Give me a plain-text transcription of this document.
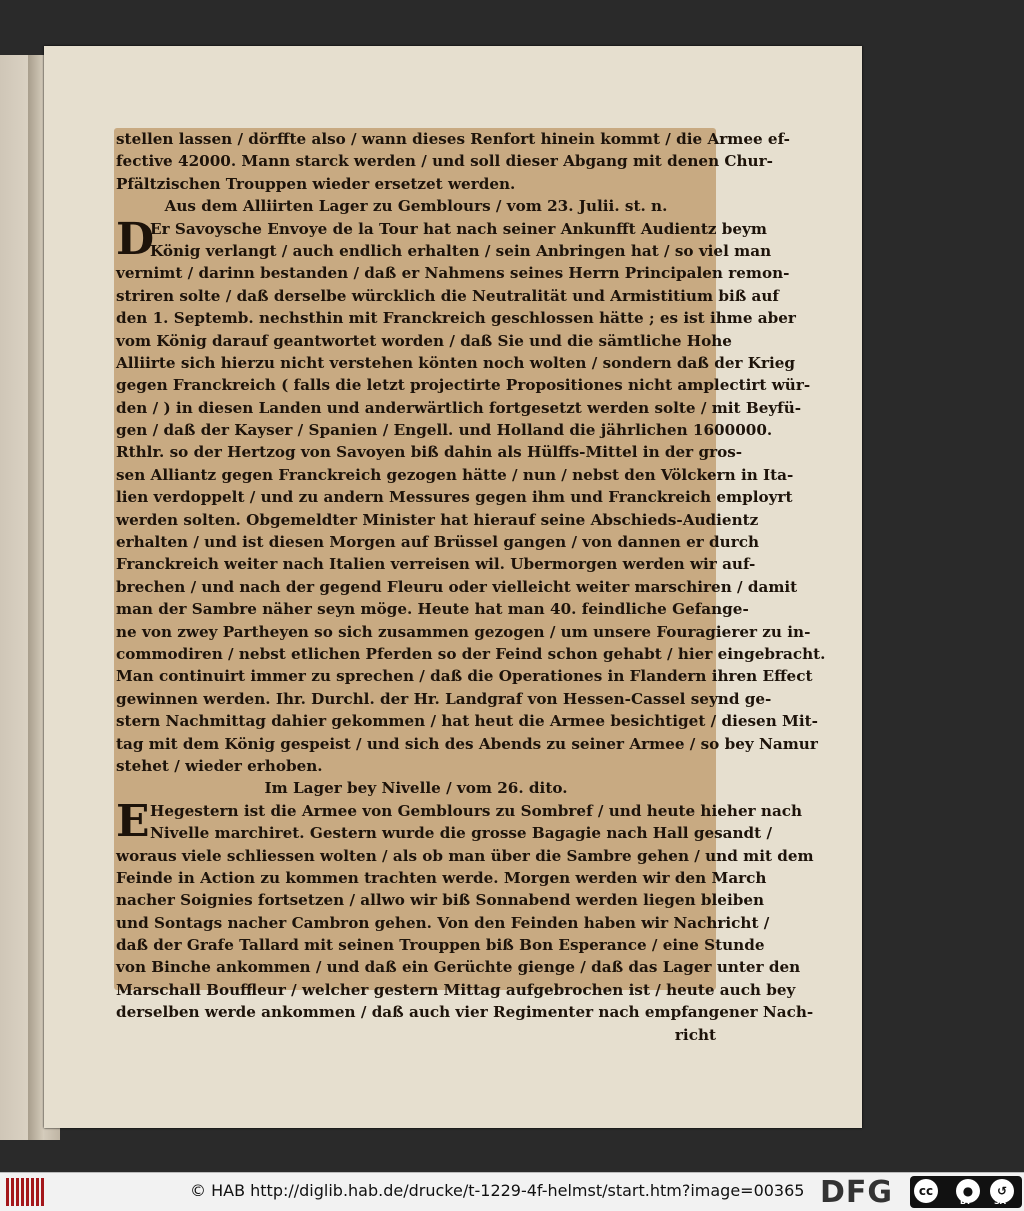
stellen lassen / dörffte also / wann dieses Renfort hinein kommt / die Armee ef-
fective 42000. Mann starck werden / und soll dieser Abgang mit denen Chur-
Pfältzischen Trouppen wieder ersetzet werden.
Aus dem Alliirten Lager zu Gemblours / vom 23. Julii. st. n.
D
Er Savoysche Envoye de la Tour hat nach seiner Ankunfft Audientz beym
König verlangt / auch endlich erhalten / sein Anbringen hat / so viel man
vernimt / darinn bestanden / daß er Nahmens seines Herrn Principalen remon-
striren solte / daß derselbe würcklich die Neutralität und Armistitium biß auf
den 1. Septemb. nechsthin mit Franckreich geschlossen hätte ; es ist ihme aber
vom König darauf geantwortet worden / daß Sie und die sämtliche Hohe
Alliirte sich hierzu nicht verstehen könten noch wolten / sondern daß der Krieg
gegen Franckreich ( falls die letzt projectirte Propositiones nicht amplectirt wür-
den / ) in diesen Landen und anderwärtlich fortgesetzt werden solte / mit Beyfü-
gen / daß der Kayser / Spanien / Engell. und Holland die jährlichen 1600000.
Rthlr. so der Hertzog von Savoyen biß dahin als Hülffs-Mittel in der gros-
sen Alliantz gegen Franckreich gezogen hätte / nun / nebst den Völckern in Ita-
lien verdoppelt / und zu andern Messures gegen ihm und Franckreich employrt
werden solten. Obgemeldter Minister hat hierauf seine Abschieds-Audientz
erhalten / und ist diesen Morgen auf Brüssel gangen / von dannen er durch
Franckreich weiter nach Italien verreisen wil. Ubermorgen werden wir auf-
brechen / und nach der gegend Fleuru oder vielleicht weiter marschiren / damit
man der Sambre näher seyn möge. Heute hat man 40. feindliche Gefange-
ne von zwey Partheyen so sich zusammen gezogen / um unsere Fouragierer zu in-
commodiren / nebst etlichen Pferden so der Feind schon gehabt / hier eingebracht.
Man continuirt immer zu sprechen / daß die Operationes in Flandern ihren Effect
gewinnen werden. Ihr. Durchl. der Hr. Landgraf von Hessen-Cassel seynd ge-
stern Nachmittag dahier gekommen / hat heut die Armee besichtiget / diesen Mit-
tag mit dem König gespeist / und sich des Abends zu seiner Armee / so bey Namur
stehet / wieder erhoben.
Im Lager bey Nivelle / vom 26. dito.
E Hegestern ist die Armee von Gemblours zu Sombref / und heute hieher nach
Nivelle marchiret. Gestern wurde die grosse Bagagie nach Hall gesandt /
woraus viele schliessen wolten / als ob man über die Sambre gehen / und mit dem
Feinde in Action zu kommen trachten werde. Morgen werden wir den March
nacher Soignies fortsetzen / allwo wir biß Sonnabend werden liegen bleiben
und Sontags nacher Cambron gehen. Von den Feinden haben wir Nachricht /
daß der Grafe Tallard mit seinen Trouppen biß Bon Esperance / eine Stunde
von Binche ankommen / und daß ein Gerüchte gienge / daß das Lager unter den
Marschall Boufflеur / welcher gestern Mittag aufgebrochen ist / heute auch bey
derselben werde ankommen / daß auch vier Regimenter nach empfangener Nach-
richt
© HAB http://diglib.hab.de/drucke/t-1229-4f-helmst/start.htm?image=00365 DFG	cc	●	↺
BY	SA
